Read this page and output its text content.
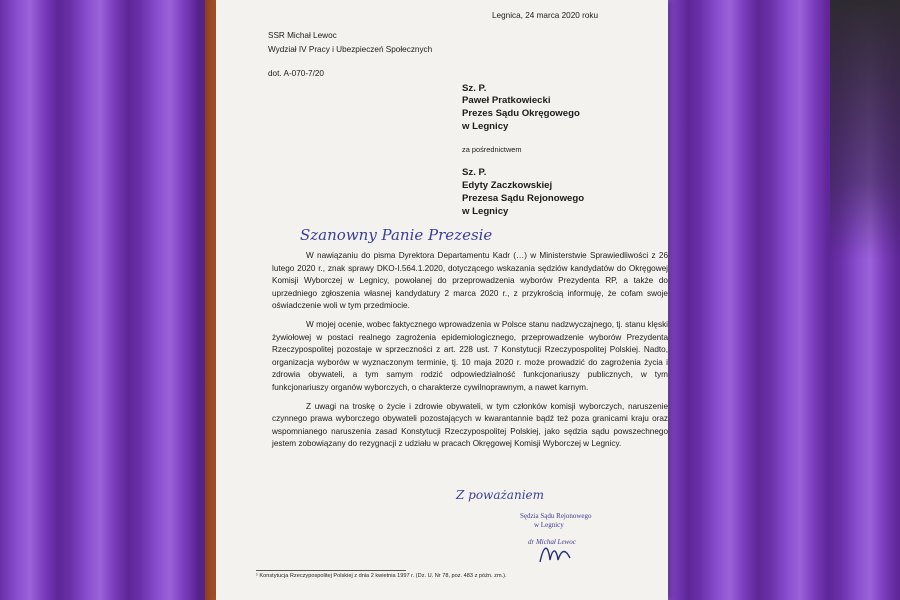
Legnica, 24 marca 2020 roku
SSR Michał Lewoc
Wydział IV Pracy i Ubezpieczeń Społecznych
dot. A-070-7/20
Sz. P.
Paweł Pratkowiecki
Prezes Sądu Okręgowego
w Legnicy
za pośrednictwem
Sz. P.
Edyty Zaczkowskiej
Prezesa Sądu Rejonowego
w Legnicy
Szanowny Panie Prezesie

W nawiązaniu do pisma Dyrektora Departamentu Kadr (…) w Ministerstwie Sprawiedliwości z 26 lutego 2020 r., znak sprawy DKO-I.564.1.2020, dotyczącego wskazania sędziów kandydatów do Okręgowej Komisji Wyborczej w Legnicy, powołanej do przeprowadzenia wyborów Prezydenta RP, a także do uprzedniego zgłoszenia własnej kandydatury 2 marca 2020 r., z przykrością informuję, że cofam swoje oświadczenie woli w tym przedmiocie.

W mojej ocenie, wobec faktycznego wprowadzenia w Polsce stanu nadzwyczajnego, tj. stanu klęski żywiołowej w postaci realnego zagrożenia epidemiologicznego, przeprowadzenie wyborów Prezydenta Rzeczypospolitej pozostaje w sprzeczności z art. 228 ust. 7 Konstytucji Rzeczypospolitej Polskiej. Nadto, organizacja wyborów w wyznaczonym terminie, tj. 10 maja 2020 r. może prowadzić do zagrożenia życia i zdrowia obywateli, a tym samym rodzić odpowiedzialność funkcjonariuszy publicznych, w tym funkcjonariuszy organów wyborczych, o charakterze cywilnoprawnym, a nawet karnym.

Z uwagi na troskę o życie i zdrowie obywateli, w tym członków komisji wyborczych, naruszenie czynnego prawa wyborczego obywateli pozostających w kwarantannie bądź też poza granicami kraju oraz wspomnianego naruszenia zasad Konstytucji Rzeczypospolitej Polskiej, jako sędzia sądu powszechnego jestem zobowiązany do rezygnacji z udziału w pracach Okręgowej Komisji Wyborczej w Legnicy.

Z poważaniem
Sędzia Sądu Rejonowego
w Legnicy
dr Michał Lewoc
¹ Konstytucja Rzeczypospolitej Polskiej z dnia 2 kwietnia 1997 r. (Dz. U. Nr 78, poz. 483 z późn. zm.).
